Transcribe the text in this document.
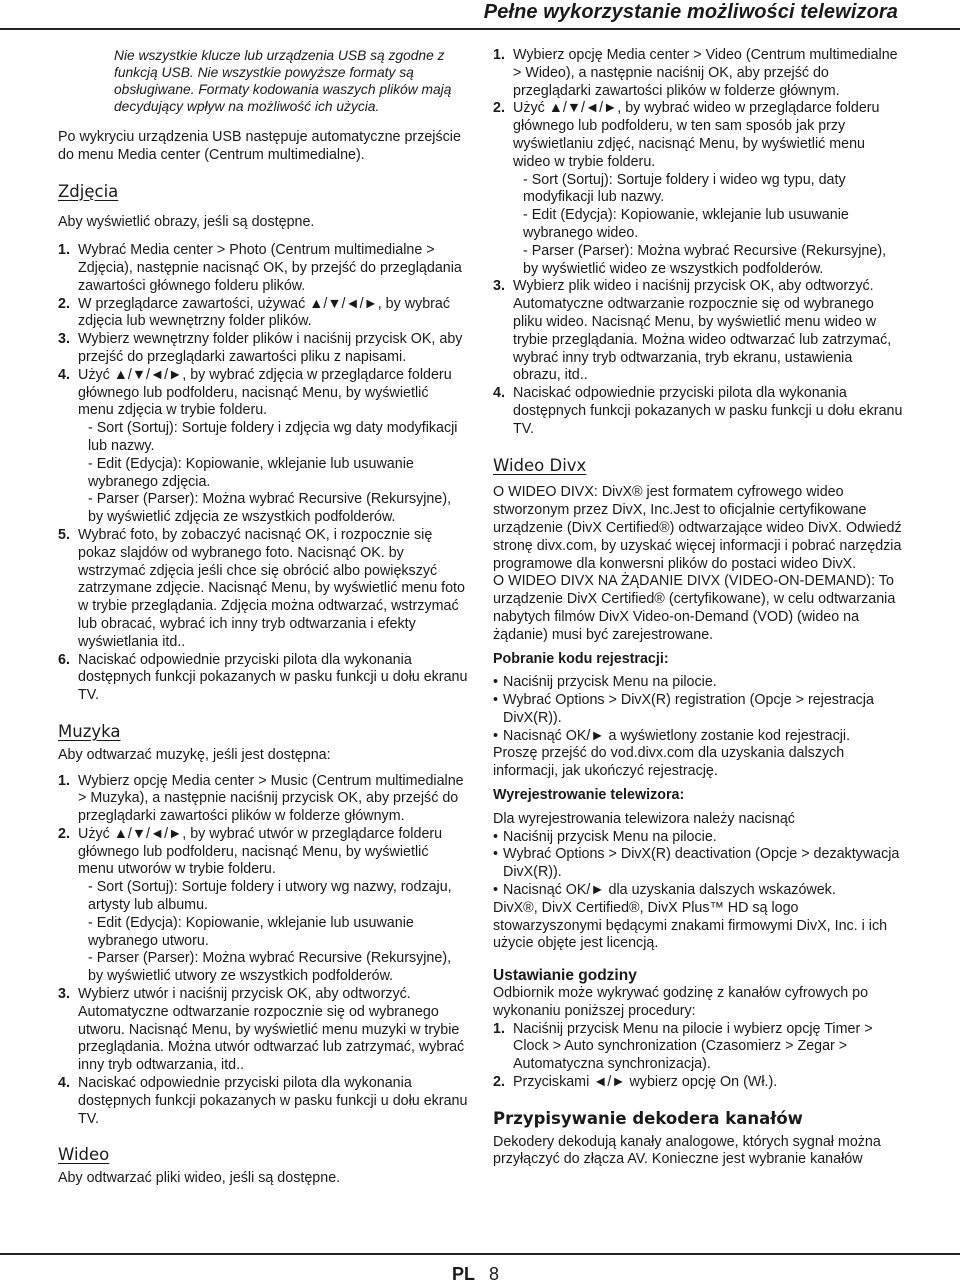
Pełne wykorzystanie możliwości telewizora

Nie wszystkie klucze lub urządzenia USB są zgodne z funkcją USB. Nie wszystkie powyższe formaty są obsługiwane. Formaty kodowania waszych plików mają decydujący wpływ na możliwość ich użycia.

Po wykryciu urządzenia USB następuje automatyczne przejście do menu Media center (Centrum multimedialne).

Zdjęcia

Aby wyświetlić obrazy, jeśli są dostępne.

1. Wybrać Media center > Photo (Centrum multimedialne > Zdjęcia), następnie nacisnąć OK, by przejść do przeglądania zawartości głównego folderu plików.
2. W przeglądarce zawartości, używać ▲/▼/◄/►, by wybrać zdjęcia lub wewnętrzny folder plików.
3. Wybierz wewnętrzny folder plików i naciśnij przycisk OK, aby przejść do przeglądarki zawartości pliku z napisami.
4. Użyć ▲/▼/◄/►, by wybrać zdjęcia w przeglądarce folderu głównego lub podfolderu, nacisnąć Menu, by wyświetlić menu zdjęcia w trybie folderu.
- Sort (Sortuj): Sortuje foldery i zdjęcia wg daty modyfikacji lub nazwy.
- Edit (Edycja): Kopiowanie, wklejanie lub usuwanie wybranego zdjęcia.
- Parser (Parser): Można wybrać Recursive (Rekursyjne), by wyświetlić zdjęcia ze wszystkich podfolderów.
5. Wybrać foto, by zobaczyć nacisnąć OK, i rozpocznie się pokaz slajdów od wybranego foto. Nacisnąć OK. by wstrzymać zdjęcia jeśli chce się obrócić albo powiększyć zatrzymane zdjęcie. Nacisnąć Menu, by wyświetlić menu foto w trybie przeglądania. Zdjęcia można odtwarzać, wstrzymać lub obracać, wybrać ich inny tryb odtwarzania i efekty wyświetlania itd..
6. Naciskać odpowiednie przyciski pilota dla wykonania dostępnych funkcji pokazanych w pasku funkcji u dołu ekranu TV.
Muzyka

Aby odtwarzać muzykę, jeśli jest dostępna:

1. Wybierz opcję Media center > Music (Centrum multimedialne > Muzyka), a następnie naciśnij przycisk OK, aby przejść do przeglądarki zawartości plików w folderze głównym.
2. Użyć ▲/▼/◄/►, by wybrać utwór w przeglądarce folderu głównego lub podfolderu, nacisnąć Menu, by wyświetlić menu utworów w trybie folderu.
- Sort (Sortuj): Sortuje foldery i utwory wg nazwy, rodzaju, artysty lub albumu.
- Edit (Edycja): Kopiowanie, wklejanie lub usuwanie wybranego utworu.
- Parser (Parser): Można wybrać Recursive (Rekursyjne), by wyświetlić utwory ze wszystkich podfolderów.
3. Wybierz utwór i naciśnij przycisk OK, aby odtworzyć. Automatyczne odtwarzanie rozpocznie się od wybranego utworu. Nacisnąć Menu, by wyświetlić menu muzyki w trybie przeglądania. Można utwór odtwarzać lub zatrzymać, wybrać inny tryb odtwarzania, itd..
4. Naciskać odpowiednie przyciski pilota dla wykonania dostępnych funkcji pokazanych w pasku funkcji u dołu ekranu TV.
Wideo

Aby odtwarzać pliki wideo, jeśli są dostępne.

1. Wybierz opcję Media center > Video (Centrum multimedialne > Wideo), a następnie naciśnij OK, aby przejść do przeglądarki zawartości plików w folderze głównym.
2. Użyć ▲/▼/◄/►, by wybrać wideo w przeglądarce folderu głównego lub podfolderu, w ten sam sposób jak przy wyświetlaniu zdjęć, nacisnąć Menu, by wyświetlić menu wideo w trybie folderu.
- Sort (Sortuj): Sortuje foldery i wideo wg typu, daty modyfikacji lub nazwy.
- Edit (Edycja): Kopiowanie, wklejanie lub usuwanie wybranego wideo.
- Parser (Parser): Można wybrać Recursive (Rekursyjne), by wyświetlić wideo ze wszystkich podfolderów.
3. Wybierz plik wideo i naciśnij przycisk OK, aby odtworzyć. Automatyczne odtwarzanie rozpocznie się od wybranego pliku wideo. Nacisnąć Menu, by wyświetlić menu wideo w trybie przeglądania. Można wideo odtwarzać lub zatrzymać, wybrać inny tryb odtwarzania, tryb ekranu, ustawienia obrazu, itd..
4. Naciskać odpowiednie przyciski pilota dla wykonania dostępnych funkcji pokazanych w pasku funkcji u dołu ekranu TV.
Wideo Divx

O WIDEO DIVX: DivX® jest formatem cyfrowego wideo stworzonym przez DivX, Inc.Jest to oficjalnie certyfikowane urządzenie (DivX Certified®) odtwarzające wideo DivX. Odwiedź stronę divx.com, by uzyskać więcej informacji i pobrać narzędzia programowe dla konwersni plików do postaci wideo DivX.

O WIDEO DIVX NA ŻĄDANIE DIVX (VIDEO-ON-DEMAND): To urządzenie DivX Certified® (certyfikowane), w celu odtwarzania nabytych filmów DivX Video-on-Demand (VOD) (wideo na żądanie) musi być zarejestrowane.

Pobranie kodu rejestracji:

• Naciśnij przycisk Menu na pilocie.
• Wybrać Options > DivX(R) registration (Opcje > rejestracja DivX(R)).
• Nacisnąć OK/► a wyświetlony zostanie kod rejestracji.

Proszę przejść do vod.divx.com dla uzyskania dalszych informacji, jak ukończyć rejestrację.

Wyrejestrowanie telewizora:

Dla wyrejestrowania telewizora należy nacisnąć

• Naciśnij przycisk Menu na pilocie.
• Wybrać Options > DivX(R) deactivation (Opcje > dezaktywacja DivX(R)).
• Nacisnąć OK/► dla uzyskania dalszych wskazówek.

DivX®, DivX Certified®, DivX Plus™ HD są logo stowarzyszonymi będącymi znakami firmowymi DivX, Inc. i ich użycie objęte jest licencją.

Ustawianie godziny

Odbiornik może wykrywać godzinę z kanałów cyfrowych po wykonaniu poniższej procedury:

1. Naciśnij przycisk Menu na pilocie i wybierz opcję Timer > Clock > Auto synchronization (Czasomierz > Zegar > Automatyczna synchronizacja).
2. Przyciskami ◄/► wybierz opcję On (Wł.).
Przypisywanie dekodera kanałów

Dekodery dekodują kanały analogowe, których sygnał można przyłączyć do złącza AV. Konieczne jest wybranie kanałów

PL 8
